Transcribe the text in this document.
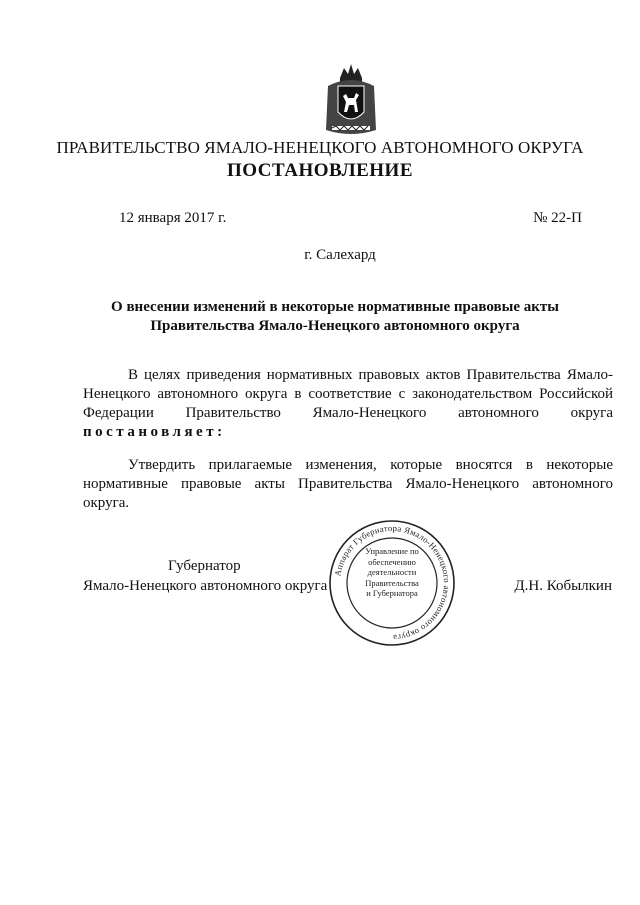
ПРАВИТЕЛЬСТВО ЯМАЛО-НЕНЕЦКОГО АВТОНОМНОГО ОКРУГА
ПОСТАНОВЛЕНИЕ
12 января 2017 г.	№ 22-П
г. Салехард
О внесении изменений в некоторые нормативные правовые акты
Правительства Ямало-Ненецкого автономного округа
В целях приведения нормативных правовых актов Правительства Ямало-Ненецкого автономного округа в соответствие с законодательством Российской Федерации Правительство Ямало-Ненецкого автономного округа постановляет:
Утвердить прилагаемые изменения, которые вносятся в некоторые нормативные правовые акты Правительства Ямало-Ненецкого автономного округа.
Губернатор
Ямало-Ненецкого автономного округа	Д.Н. Кобылкин
Аппарат Губернатора Ямало-Ненецкого автономного округа
Управление по
обеспечению
деятельности
Правительства
и Губернатора
